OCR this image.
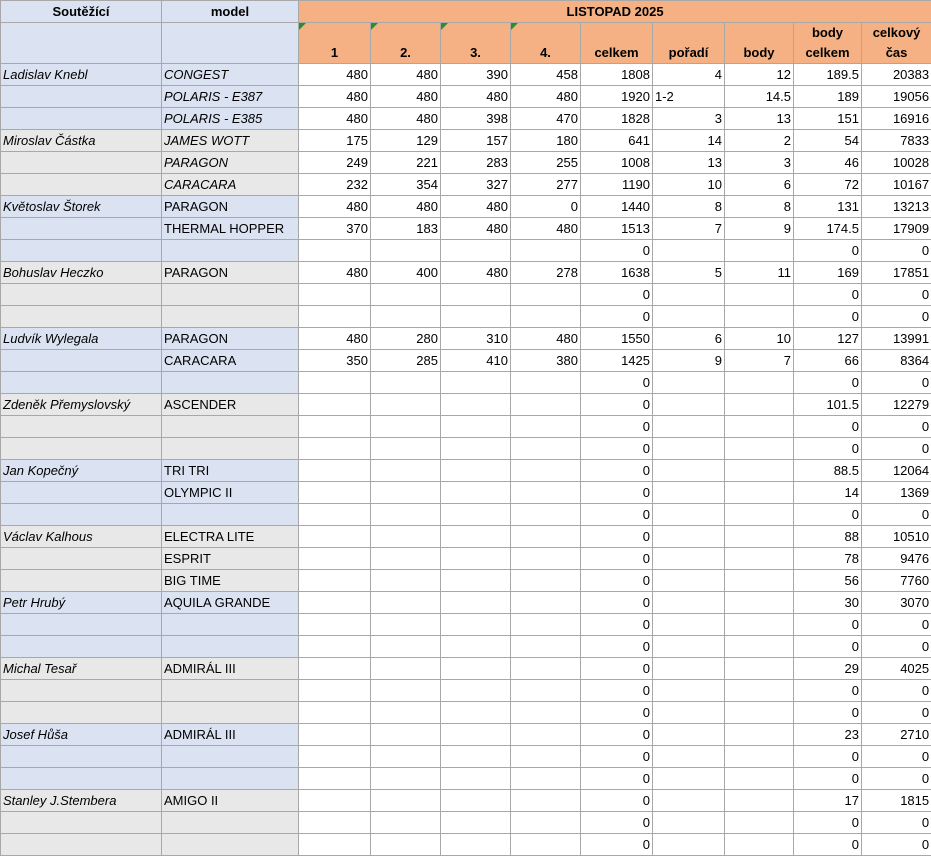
Soutěžící	model	LISTOPAD 2025								
		1	2.	3.	4.	celkem	pořadí	body	body celkem	celkový čas
Ladislav Knebl	CONGEST	480	480	390	458	1808	4	12	189.5	20383
	POLARIS - E387	480	480	480	480	1920	1-2	14.5	189	19056
	POLARIS - E385	480	480	398	470	1828	3	13	151	16916
Miroslav Částka	JAMES WOTT	175	129	157	180	641	14	2	54	7833
	PARAGON	249	221	283	255	1008	13	3	46	10028
	CARACARA	232	354	327	277	1190	10	6	72	10167
Květoslav Štorek	PARAGON	480	480	480	0	1440	8	8	131	13213
	THERMAL HOPPER	370	183	480	480	1513	7	9	174.5	17909
						0			0	0
Bohuslav Heczko	PARAGON	480	400	480	278	1638	5	11	169	17851
						0			0	0
						0			0	0
Ludvík Wylegala	PARAGON	480	280	310	480	1550	6	10	127	13991
	CARACARA	350	285	410	380	1425	9	7	66	8364
						0			0	0
Zdeněk Přemyslovský	ASCENDER					0			101.5	12279
						0			0	0
						0			0	0
Jan Kopečný	TRI TRI					0			88.5	12064
	OLYMPIC II					0			14	1369
						0			0	0
Václav Kalhous	ELECTRA LITE					0			88	10510
	ESPRIT					0			78	9476
	BIG TIME					0			56	7760
Petr Hrubý	AQUILA GRANDE					0			30	3070
						0			0	0
						0			0	0
Michal Tesař	ADMIRÁL III					0			29	4025
						0			0	0
						0			0	0
Josef Hůša	ADMIRÁL III					0			23	2710
						0			0	0
						0			0	0
Stanley J.Stembera	AMIGO II					0			17	1815
						0			0	0
						0			0	0
